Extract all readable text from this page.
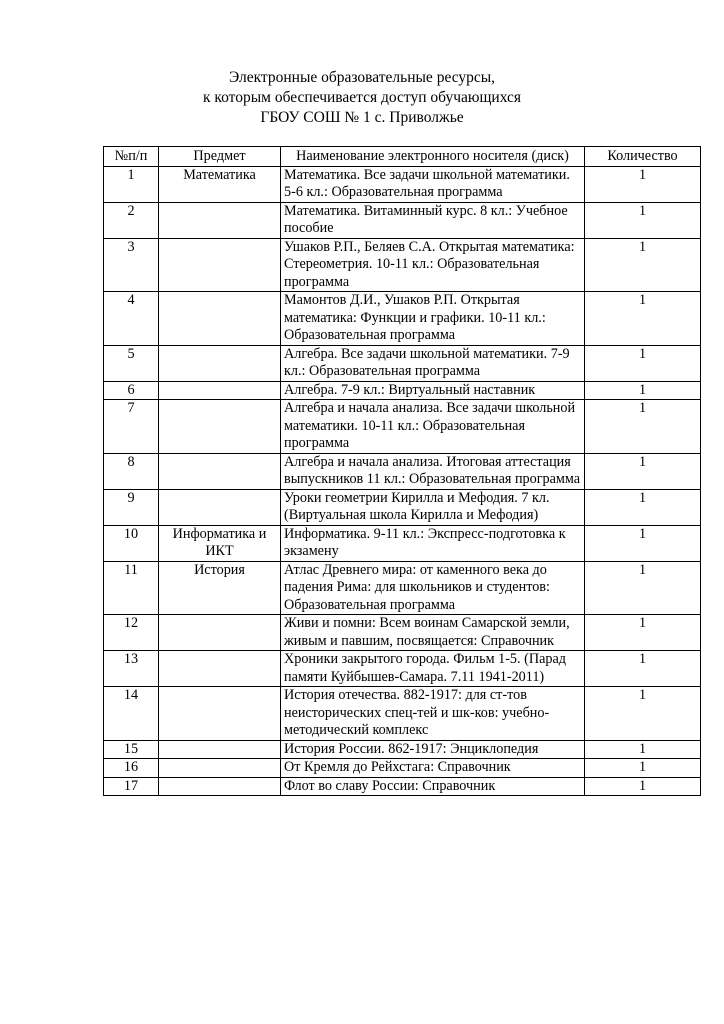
Электронные образовательные ресурсы,
к которым обеспечивается доступ обучающихся
ГБОУ СОШ № 1 с. Приволжье
№п/п	Предмет	Наименование электронного носителя (диск)	Количество
1	Математика	Математика. Все задачи школьной математики. 5-6 кл.: Образовательная программа	1
2		Математика. Витаминный курс. 8 кл.: Учебное пособие	1
3		Ушаков Р.П., Беляев С.А. Открытая математика: Стереометрия. 10-11 кл.: Образовательная программа	1
4		Мамонтов Д.И., Ушаков Р.П. Открытая математика: Функции и графики. 10-11 кл.: Образовательная программа	1
5		Алгебра. Все задачи школьной математики. 7-9 кл.: Образовательная программа	1
6		Алгебра. 7-9 кл.: Виртуальный наставник	1
7		Алгебра и начала анализа. Все задачи школьной математики. 10-11 кл.: Образовательная программа	1
8		Алгебра и начала анализа. Итоговая аттестация выпускников 11 кл.: Образовательная программа	1
9		Уроки геометрии Кирилла и Мефодия. 7 кл. (Виртуальная школа Кирилла и Мефодия)	1
10	Информатика и ИКТ	Информатика. 9-11 кл.: Экспресс-подготовка к экзамену	1
11	История	Атлас Древнего мира: от каменного века до падения Рима: для школьников и студентов: Образовательная программа	1
12		Живи и помни: Всем воинам Самарской земли, живым и павшим, посвящается: Справочник	1
13		Хроники закрытого города. Фильм 1-5. (Парад памяти Куйбышев-Самара. 7.11 1941-2011)	1
14		История отечества. 882-1917: для ст-тов неисторических спец-тей и шк-ков: учебно-методический комплекс	1
15		История России. 862-1917: Энциклопедия	1
16		От Кремля до Рейхстага: Справочник	1
17		Флот во славу России: Справочник	1
